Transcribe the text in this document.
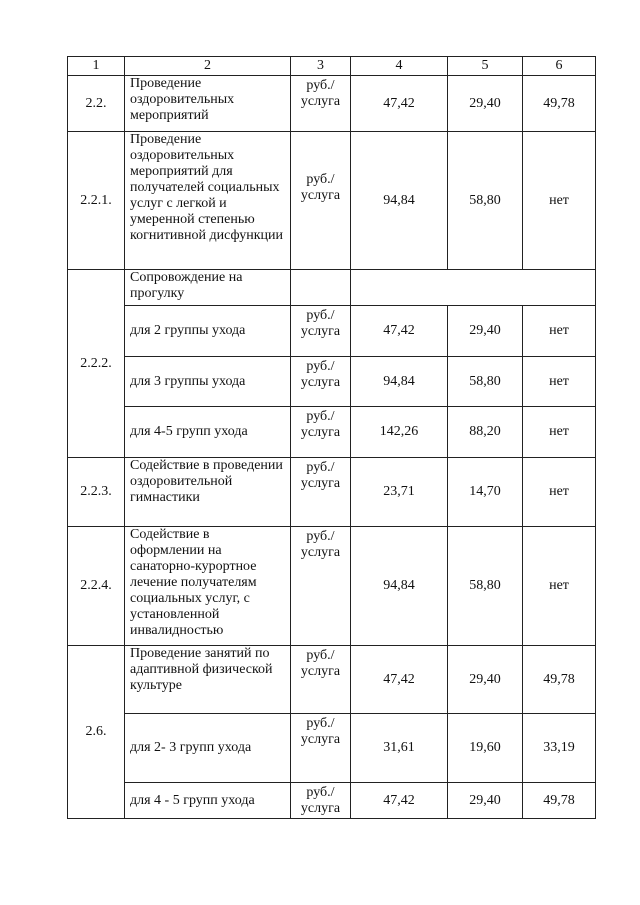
1	2	3	4	5	6
2.2.	Проведение оздоровительных мероприятий	руб./ услуга	47,42	29,40	49,78
2.2.1.	Проведение оздоровительных мероприятий для получателей социальных услуг с легкой и умеренной степенью когнитивной дисфункции	руб./ услуга	94,84	58,80	нет
2.2.2.	Сопровождение на прогулку				
	для 2 группы ухода	руб./ услуга	47,42	29,40	нет
	для 3 группы ухода	руб./ услуга	94,84	58,80	нет
	для 4-5 групп ухода	руб./ услуга	142,26	88,20	нет
2.2.3.	Содействие в проведении оздоровительной гимнастики	руб./ услуга	23,71	14,70	нет
2.2.4.	Содействие в оформлении на санаторно-курортное лечение получателям социальных услуг, с установленной инвалидностью	руб./ услуга	94,84	58,80	нет
2.6.	Проведение занятий по адаптивной физической культуре	руб./ услуга	47,42	29,40	49,78
	для 2- 3 групп ухода	руб./ услуга	31,61	19,60	33,19
	для 4 - 5 групп ухода	руб./ услуга	47,42	29,40	49,78
